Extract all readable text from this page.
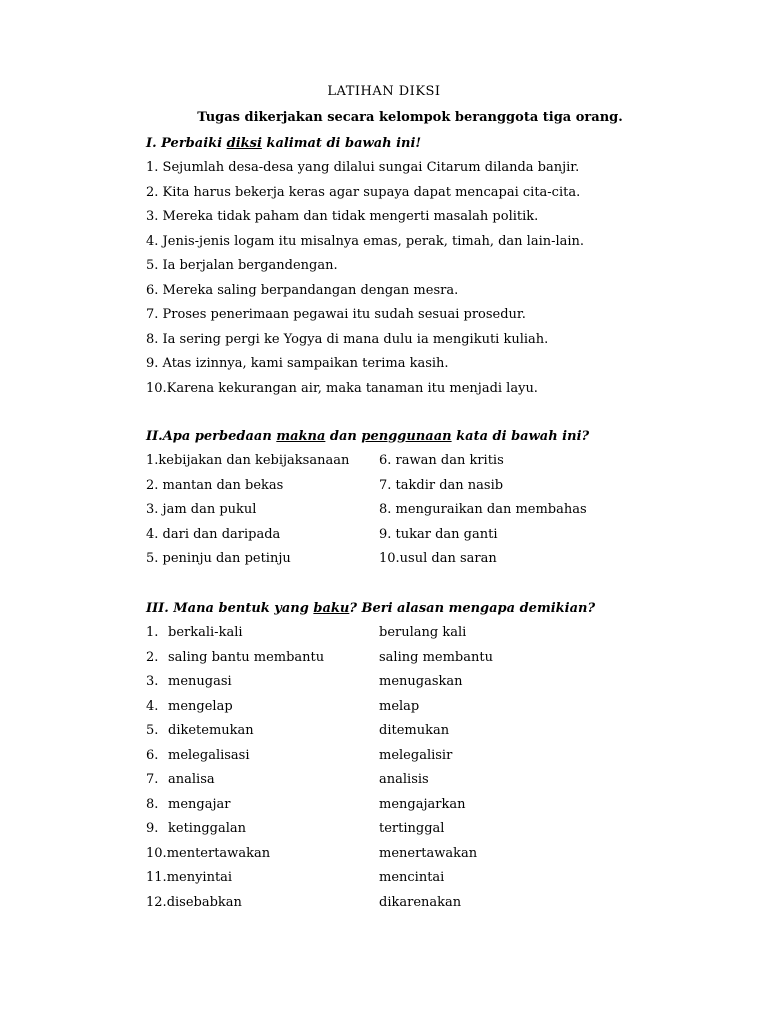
LATIHAN DIKSI
Tugas dikerjakan secara kelompok beranggota tiga orang.
I. Perbaiki diksi kalimat di bawah ini!
1. Sejumlah desa-desa yang dilalui sungai Citarum dilanda banjir.
2. Kita harus bekerja keras agar supaya dapat mencapai cita-cita.
3. Mereka tidak paham dan tidak mengerti masalah politik.
4. Jenis-jenis logam itu misalnya emas, perak, timah, dan lain-lain.
5. Ia berjalan bergandengan.
6. Mereka saling berpandangan dengan mesra.
7. Proses penerimaan pegawai itu sudah sesuai prosedur.
8. Ia sering pergi ke Yogya di mana dulu ia mengikuti kuliah.
9. Atas izinnya, kami sampaikan terima kasih.
10.Karena kekurangan air, maka tanaman itu menjadi layu.
II.Apa perbedaan makna dan penggunaan kata di bawah ini?
1.kebijakan dan kebijaksanaan	6. rawan dan kritis
2. mantan dan bekas	7. takdir dan nasib
3. jam dan pukul	8. menguraikan dan membahas
4. dari dan daripada	9. tukar dan ganti
5. peninju dan petinju	10.usul dan saran
III. Mana bentuk yang baku? Beri alasan mengapa demikian?
1. berkali-kali	berulang kali
2. saling bantu membantu	saling membantu
3. menugasi	menugaskan
4. mengelap	melap
5. diketemukan	ditemukan
6. melegalisasi	melegalisir
7. analisa	analisis
8. mengajar	mengajarkan
9. ketinggalan	tertinggal
10.mentertawakan	menertawakan
11.menyintai	mencintai
12.disebabkan	dikarenakan
